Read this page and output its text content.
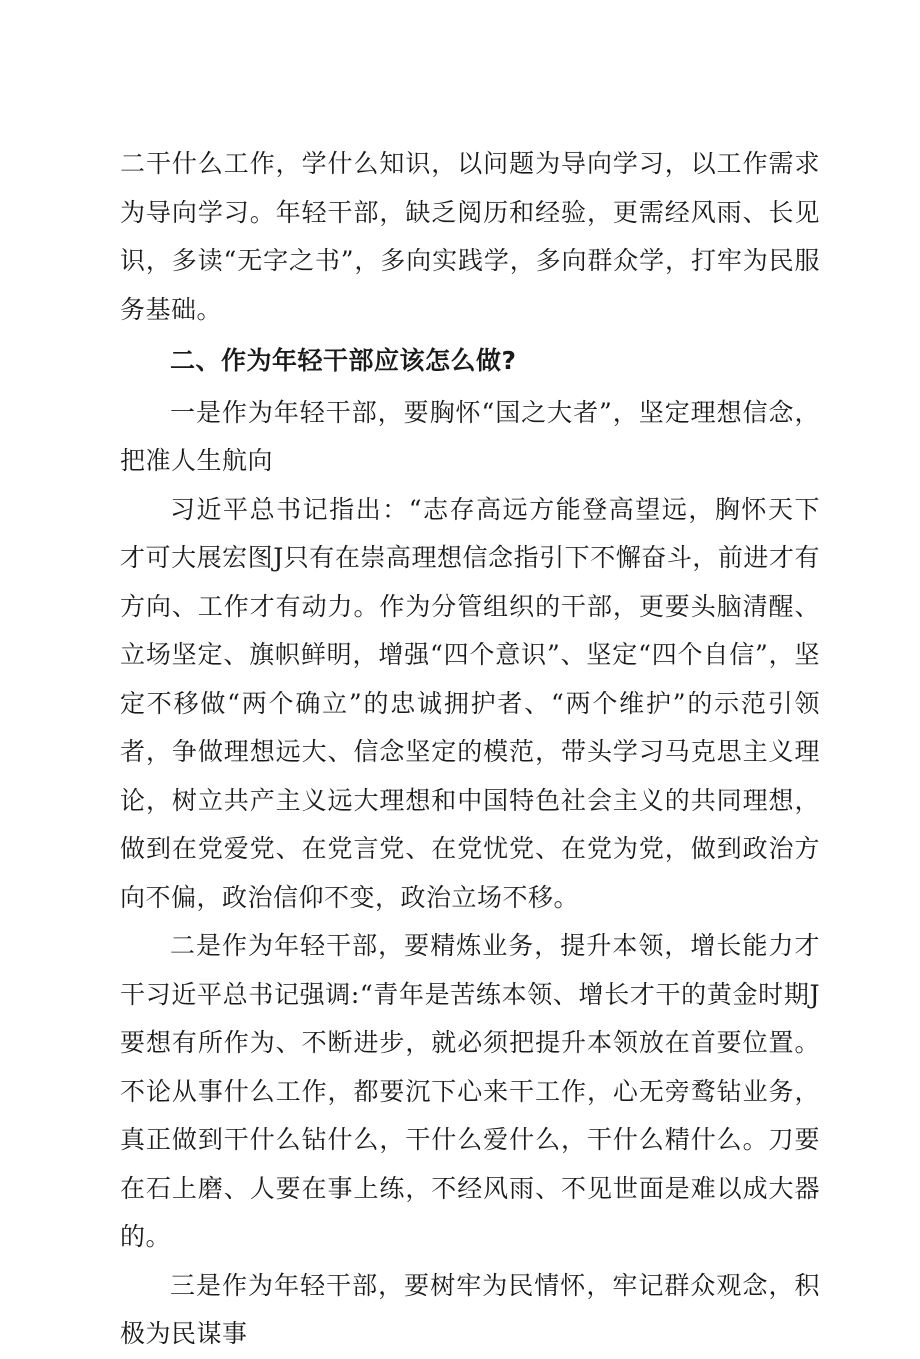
二干什么工作，学什么知识，以问题为导向学习，以工作需求为导向学习。年轻干部，缺乏阅历和经验，更需经风雨、长见识，多读“无字之书”，多向实践学，多向群众学，打牢为民服务基础。

二、作为年轻干部应该怎么做?

一是作为年轻干部，要胸怀“国之大者”，坚定理想信念，把准人生航向

习近平总书记指出：“志存高远方能登高望远，胸怀天下才可大展宏图J只有在崇高理想信念指引下不懈奋斗，前进才有方向、工作才有动力。作为分管组织的干部，更要头脑清醒、立场坚定、旗帜鲜明，增强“四个意识”、坚定“四个自信”，坚定不移做“两个确立”的忠诚拥护者、“两个维护”的示范引领者，争做理想远大、信念坚定的模范，带头学习马克思主义理论，树立共产主义远大理想和中国特色社会主义的共同理想，做到在党爱党、在党言党、在党忧党、在党为党，做到政治方向不偏，政治信仰不变，政治立场不移。

二是作为年轻干部，要精炼业务，提升本领，增长能力才干习近平总书记强调:“青年是苦练本领、增长才干的黄金时期J要想有所作为、不断进步，就必须把提升本领放在首要位置。不论从事什么工作，都要沉下心来干工作，心无旁鹜钻业务，真正做到干什么钻什么，干什么爱什么，干什么精什么。刀要在石上磨、人要在事上练，不经风雨、不见世面是难以成大器的。

三是作为年轻干部，要树牢为民情怀，牢记群众观念，积极为民谋事
